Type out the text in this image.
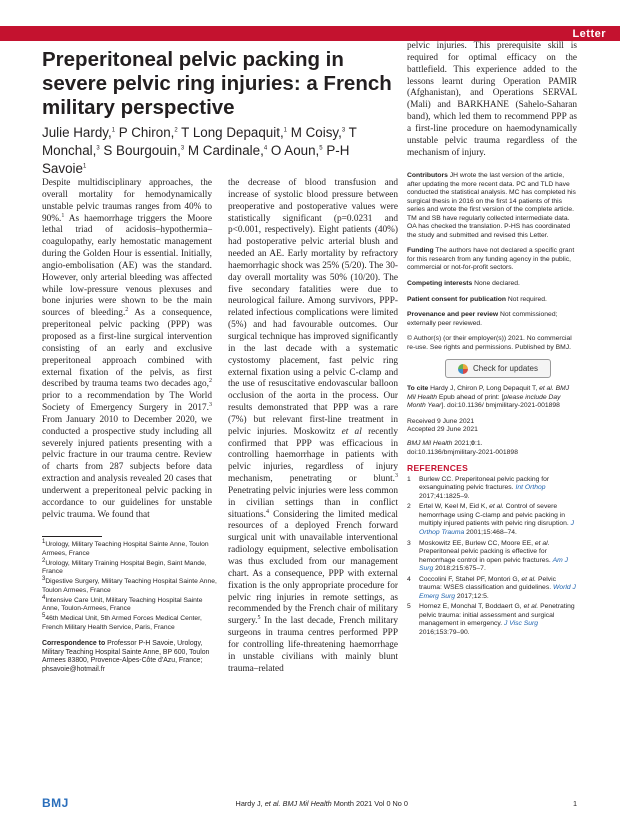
Letter
Preperitoneal pelvic packing in severe pelvic ring injuries: a French military perspective
Julie Hardy,$^1$ P Chiron,$^2$ T Long Depaquit,$^1$ M Coisy,$^3$ T Monchal,$^3$ S Bourgouin,$^3$ M Cardinale,$^4$ O Aoun,$^5$ P-H Savoie$^1$

pelvic injuries. This prerequisite skill is required for optimal efficacy on the battlefield. This experience added to the lessons learnt during Operation PAMIR (Afghanistan), and Operations SERVAL (Mali) and BARKHANE (Sahelo-Saharan band), which led them to recommend PPP as a first-line procedure on haemodynamically unstable pelvic trauma regardless of the mechanism of injury.

Despite multidisciplinary approaches, the overall mortality for hemodynamically unstable pelvic traumas ranges from 40% to 90%.$^1$ As haemorrhage triggers the Moore lethal triad of acidosis–hypothermia–coagulopathy, early hemostatic management during the Golden Hour is essential. Initially, angio-embolisation (AE) was the standard. However, only arterial bleeding was affected while low-pressure venous plexuses and bone injuries were shown to be the main sources of bleeding.$^2$ As a consequence, preperitoneal pelvic packing (PPP) was proposed as a first-line surgical intervention consisting of an early and exclusive preperitoneal approach combined with external fixation of the pelvis, as first described by trauma teams two decades ago,$^2$ prior to a recommendation by The World Society of Emergency Surgery in 2017.$^3$ From January 2010 to December 2020, we conducted a prospective study including all severely injured patients presenting with a pelvic fracture in our trauma centre. Review of charts from 287 subjects before data extraction and analysis revealed 20 cases that underwent a preperitoneal pelvic packing in accordance to our guidelines for unstable pelvic trauma. We found that

the decrease of blood transfusion and increase of systolic blood pressure between preoperative and postoperative values were statistically significant (p=0.0231 and p<0.001, respectively). Eight patients (40%) had postoperative pelvic arterial blush and needed an AE. Early mortality by refractory haemorrhagic shock was 25% (5/20). The 30-day overall mortality was 50% (10/20). The five secondary fatalities were due to neurological failure. Among survivors, PPP-related infectious complications were limited (5%) and had favourable outcomes. Our surgical technique has improved significantly in the last decade with a systematic cystostomy placement, fast pelvic ring external fixation using a pelvic C-clamp and the use of resuscitative endovascular balloon occlusion of the aorta in the process. Our results demonstrated that PPP was a rare (7%) but relevant first-line treatment in pelvic injuries. Moskowitz et al recently confirmed that PPP was efficacious in controlling haemorrhage in patients with pelvic injuries, regardless of injury mechanism, penetrating or blunt.$^3$ Penetrating pelvic injuries were less common in civilian settings than in conflict situations.$^4$ Considering the limited medical resources of a deployed French forward surgical unit with unavailable interventional radiology equipment, selective embolisation was thus excluded from our management chart. As a consequence, PPP with external fixation is the only appropriate procedure for pelvic ring injuries in remote settings, as recommended by the French chair of military surgery.$^5$ In the last decade, French military surgeons in trauma centres performed PPP for controlling life-threatening haemorrhage in unstable civilians with mainly blunt trauma–related

$^1$Urology, Military Teaching Hospital Sainte Anne, Toulon Armees, France

$^2$Urology, Military Training Hospital Begin, Saint Mande, France

$^3$Digestive Surgery, Military Teaching Hospital Sainte Anne, Toulon Armees, France

$^4$Intensive Care Unit, Military Teaching Hospital Sainte Anne, Toulon-Armees, France

$^5$46th Medical Unit, 5th Armed Forces Medical Center, French Military Health Service, Paris, France

Correspondence to Professor P-H Savoie, Urology, Military Teaching Hospital Sainte Anne, BP 600, Toulon Armees 83800, Provence-Alpes-Côte d'Azu, France; phsavoie@hotmail.fr

Contributors JH wrote the last version of the article, after updating the more recent data. PC and TLD have conducted the statistical analysis. MC has completed his surgical thesis in 2016 on the first 14 patients of this series and wrote the first version of the complete article. TM and SB have regularly collected intermediate data. OA has checked the translation. P-HS has coordinated the study and submitted and revised this Letter.

Funding The authors have not declared a specific grant for this research from any funding agency in the public, commercial or not-for-profit sectors.

Competing interests None declared.

Patient consent for publication Not required.

Provenance and peer review Not commissioned; externally peer reviewed.

© Author(s) (or their employer(s)) 2021. No commercial re-use. See rights and permissions. Published by BMJ.

Check for updates

To cite Hardy J, Chiron P, Long Depaquit T, et al. BMJ Mil Health Epub ahead of print: [please include Day Month Year]. doi:10.1136/ bmjmilitary-2021-001898

Received 9 June 2021
Accepted 29 June 2021

BMJ Mil Health 2021;0:1.
doi:10.1136/bmjmilitary-2021-001898

REFERENCES
1	Burlew CC. Preperitoneal pelvic packing for exsanguinating pelvic fractures. Int Orthop 2017;41:1825–9.
2	Ertel W, Keel M, Eid K, et al. Control of severe hemorrhage using C-clamp and pelvic packing in multiply injured patients with pelvic ring disruption. J Orthop Trauma 2001;15:468–74.
3	Moskowitz EE, Burlew CC, Moore EE, et al. Preperitoneal pelvic packing is effective for hemorrhage control in open pelvic fractures. Am J Surg 2018;215:675–7.
4	Coccolini F, Stahel PF, Montori G, et al. Pelvic trauma: WSES classification and guidelines. World J Emerg Surg 2017;12:5.
5	Hornez E, Monchal T, Boddaert G, et al. Penetrating pelvic trauma: initial assessment and surgical management in emergency. J Visc Surg 2016;153:79–90.
BMJ	Hardy J, et al. BMJ Mil Health Month 2021 Vol 0 No 0	1
